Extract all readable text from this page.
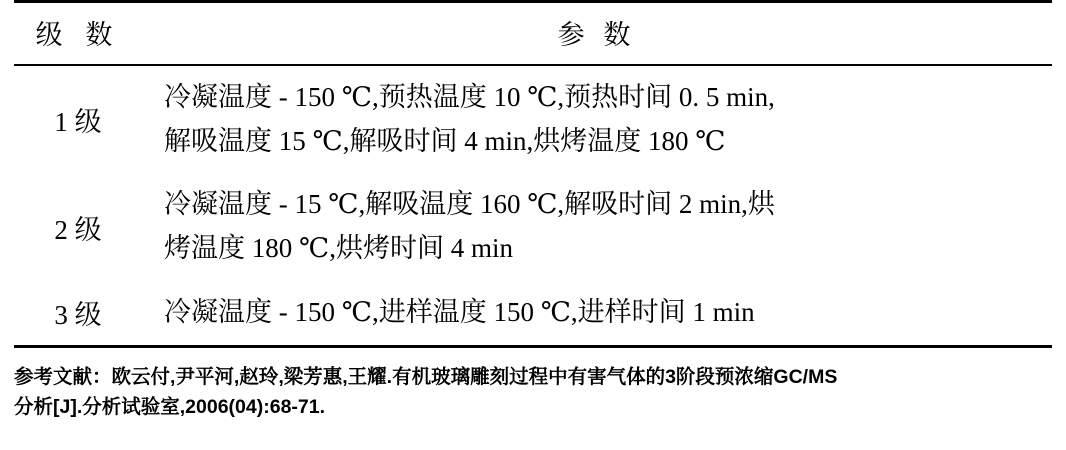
级 数	参 数
1 级	冷凝温度 - 150 ℃,预热温度 10 ℃,预热时间 0. 5 min,
解吸温度 15 ℃,解吸时间 4 min,烘烤温度 180 ℃

2 级	冷凝温度 - 15 ℃,解吸温度 160 ℃,解吸时间 2 min,烘
烤温度 180 ℃,烘烤时间 4 min

3 级	冷凝温度 - 150 ℃,进样温度 150 ℃,进样时间 1 min
参考文献：欧云付,尹平河,赵玲,梁芳惠,王耀.有机玻璃雕刻过程中有害气体的3阶段预浓缩GC/MS
分析[J].分析试验室,2006(04):68-71.
